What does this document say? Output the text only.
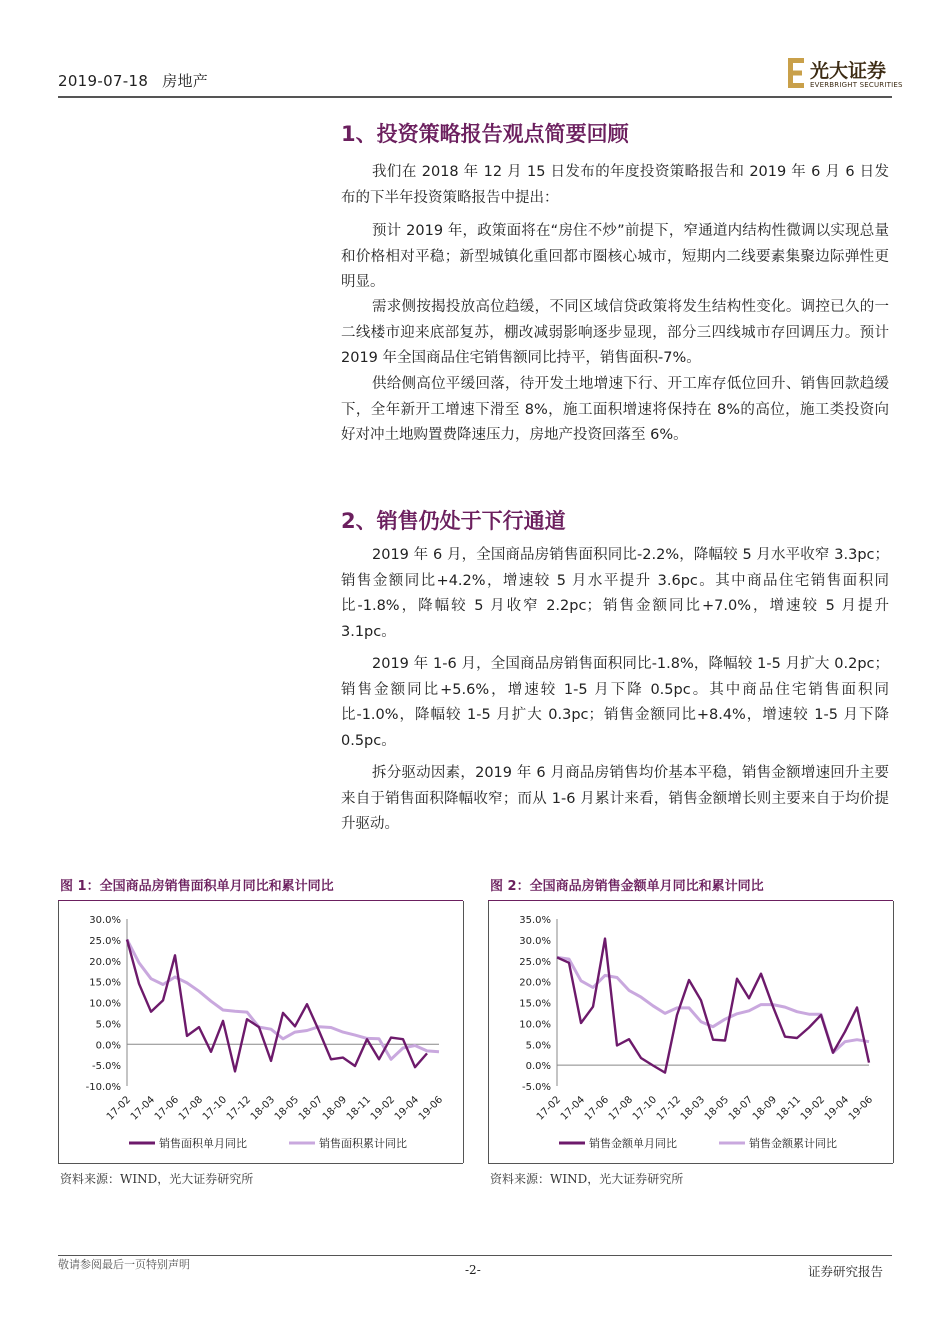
2019-07-18 房地产	光大证券
EVERBRIGHT SECURITIES
1、投资策略报告观点简要回顾

我们在 2018 年 12 月 15 日发布的年度投资策略报告和 2019 年 6 月 6 日发布的下半年投资策略报告中提出：

预计 2019 年，政策面将在“房住不炒”前提下，窄通道内结构性微调以实现总量和价格相对平稳；新型城镇化重回都市圈核心城市，短期内二线要素集聚边际弹性更明显。

需求侧按揭投放高位趋缓，不同区域信贷政策将发生结构性变化。调控已久的一二线楼市迎来底部复苏，棚改减弱影响逐步显现，部分三四线城市存回调压力。预计 2019 年全国商品住宅销售额同比持平，销售面积-7%。

供给侧高位平缓回落，待开发土地增速下行、开工库存低位回升、销售回款趋缓下，全年新开工增速下滑至 8%，施工面积增速将保持在 8%的高位，施工类投资向好对冲土地购置费降速压力，房地产投资回落至 6%。

2、销售仍处于下行通道

2019 年 6 月，全国商品房销售面积同比-2.2%，降幅较 5 月水平收窄 3.3pc；销售金额同比+4.2%，增速较 5 月水平提升 3.6pc。其中商品住宅销售面积同比-1.8%，降幅较 5 月收窄 2.2pc；销售金额同比+7.0%，增速较 5 月提升 3.1pc。

2019 年 1-6 月，全国商品房销售面积同比-1.8%，降幅较 1-5 月扩大 0.2pc；销售金额同比+5.6%，增速较 1-5 月下降 0.5pc。其中商品住宅销售面积同比-1.0%，降幅较 1-5 月扩大 0.3pc；销售金额同比+8.4%，增速较 1-5 月下降 0.5pc。

拆分驱动因素，2019 年 6 月商品房销售均价基本平稳，销售金额增速回升主要来自于销售面积降幅收窄；而从 1-6 月累计来看，销售金额增长则主要来自于均价提升驱动。

图 1：全国商品房销售面积单月同比和累计同比
30.0%
25.0%
20.0%
15.0%
10.0%
5.0%
0.0%
-5.0%
-10.0%
17-02
17-04
17-06
17-08
17-10
17-12
18-03
18-05
18-07
18-09
18-11
19-02
19-04
19-06
销售面积单月同比	销售面积累计同比
资料来源：WIND，光大证券研究所
图 2：全国商品房销售金额单月同比和累计同比
35.0%
30.0%
25.0%
20.0%
15.0%
10.0%
5.0%
0.0%
-5.0%
17-02
17-04
17-06
17-08
17-10
17-12
18-03
18-05
18-07
18-09
18-11
19-02
19-04
19-06
销售金额单月同比	销售金额累计同比
资料来源：WIND，光大证券研究所
敬请参阅最后一页特别声明	-2-	证券研究报告
